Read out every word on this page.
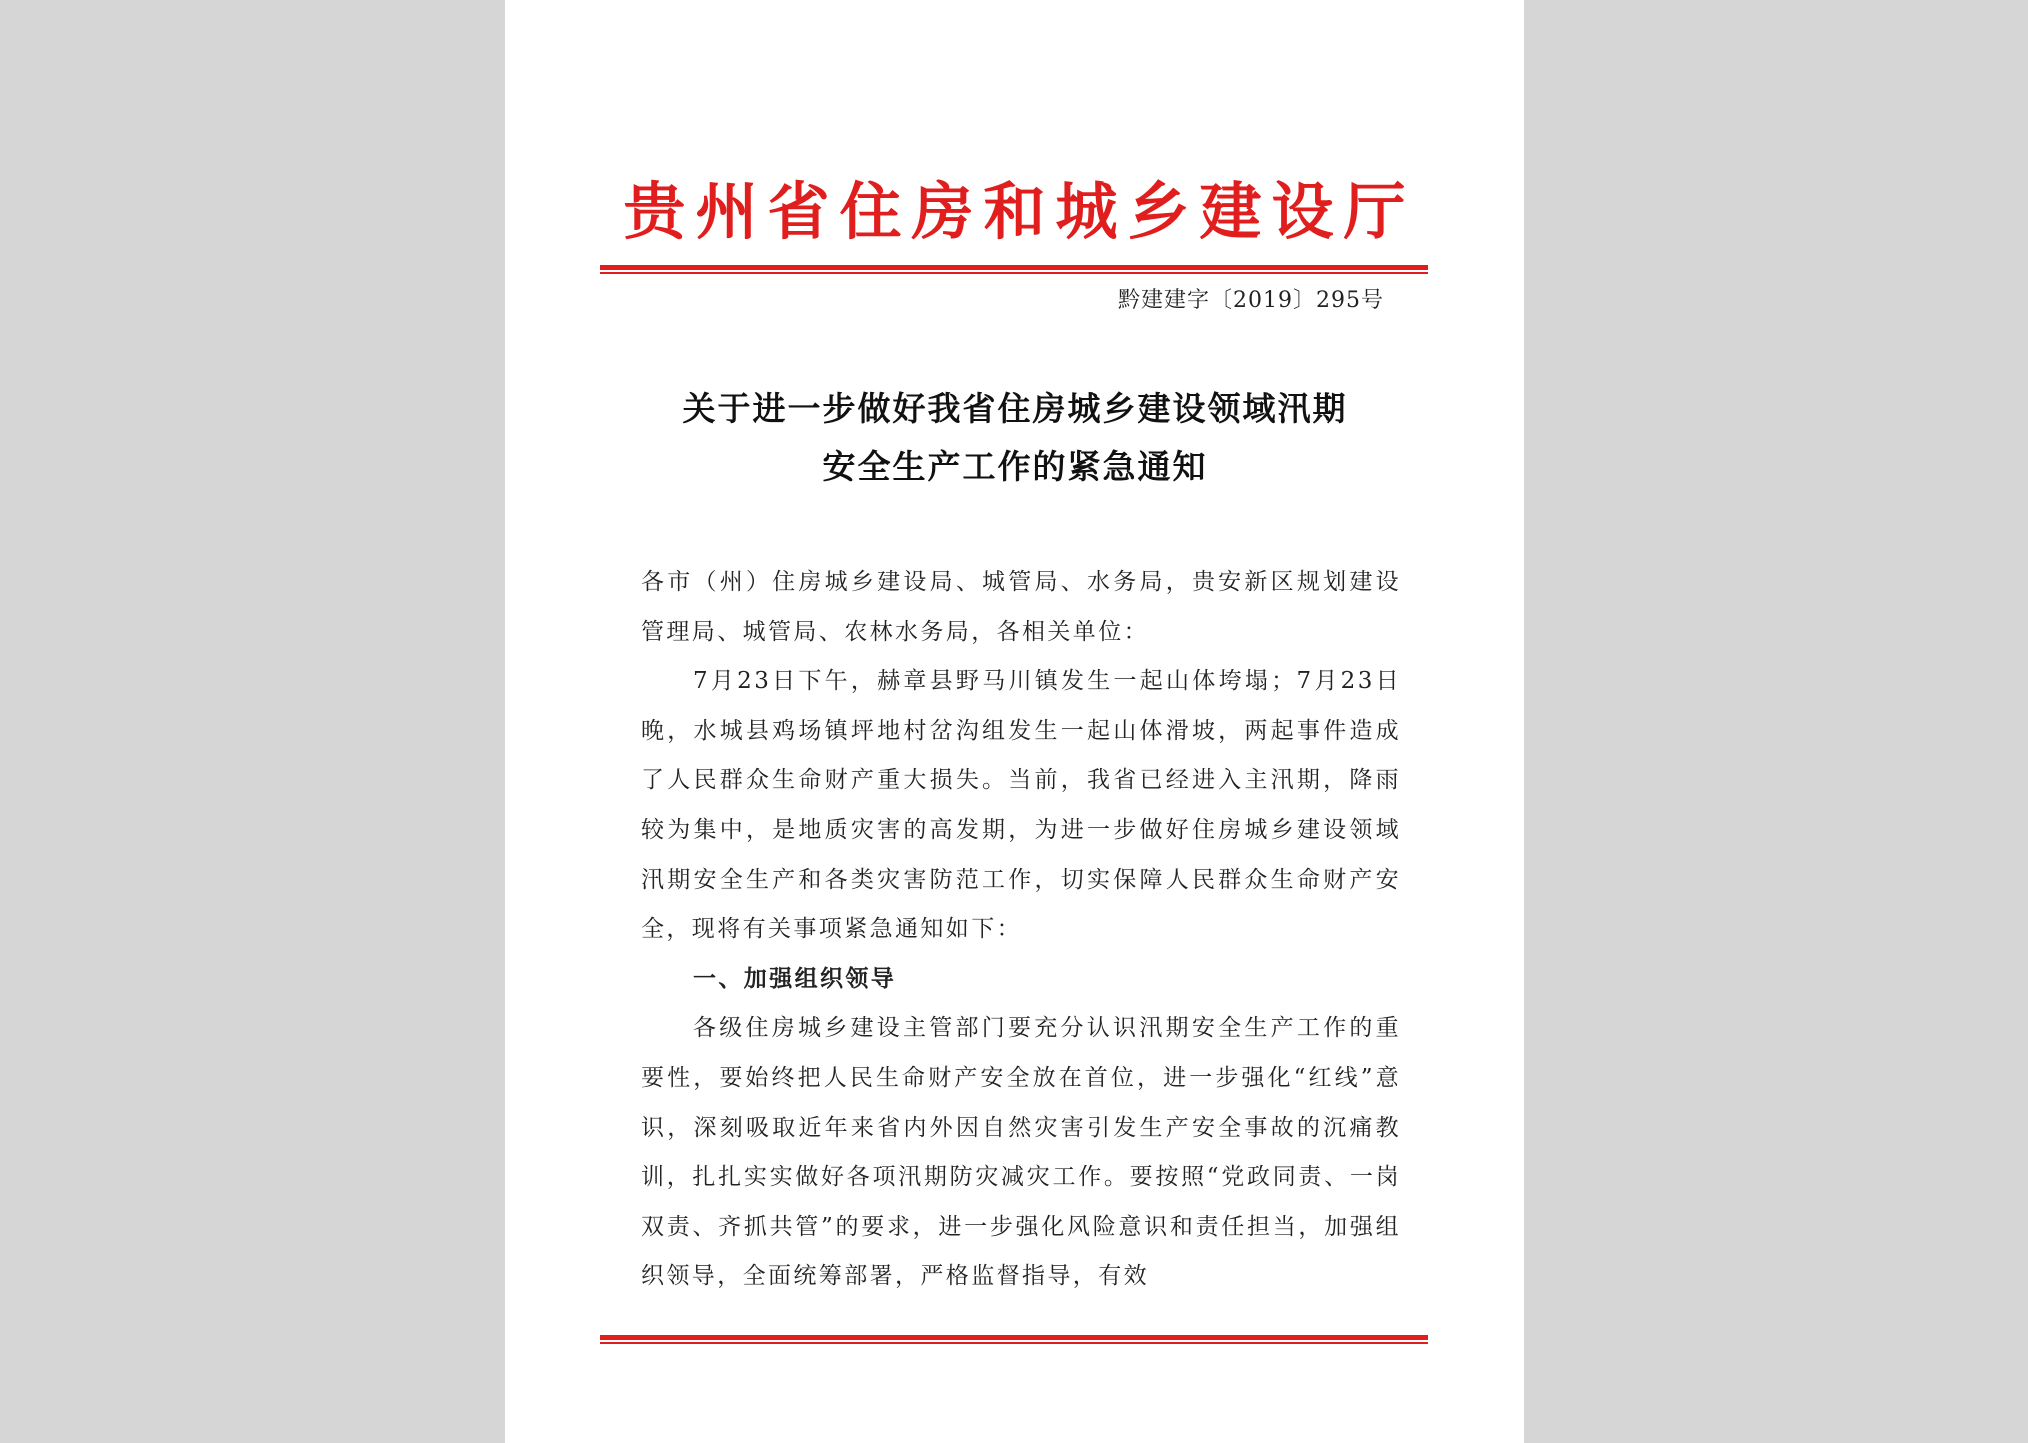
贵州省住房和城乡建设厅
黔建建字〔2019〕295号
关于进一步做好我省住房城乡建设领域汛期
安全生产工作的紧急通知

各市（州）住房城乡建设局、城管局、水务局，贵安新区规划建设管理局、城管局、农林水务局，各相关单位：

7月23日下午，赫章县野马川镇发生一起山体垮塌；7月23日晚，水城县鸡场镇坪地村岔沟组发生一起山体滑坡，两起事件造成了人民群众生命财产重大损失。当前，我省已经进入主汛期，降雨较为集中，是地质灾害的高发期，为进一步做好住房城乡建设领域汛期安全生产和各类灾害防范工作，切实保障人民群众生命财产安全，现将有关事项紧急通知如下：

一、加强组织领导

各级住房城乡建设主管部门要充分认识汛期安全生产工作的重要性，要始终把人民生命财产安全放在首位，进一步强化“红线”意识，深刻吸取近年来省内外因自然灾害引发生产安全事故的沉痛教训，扎扎实实做好各项汛期防灾减灾工作。要按照“党政同责、一岗双责、齐抓共管”的要求，进一步强化风险意识和责任担当，加强组织领导，全面统筹部署，严格监督指导，有效
